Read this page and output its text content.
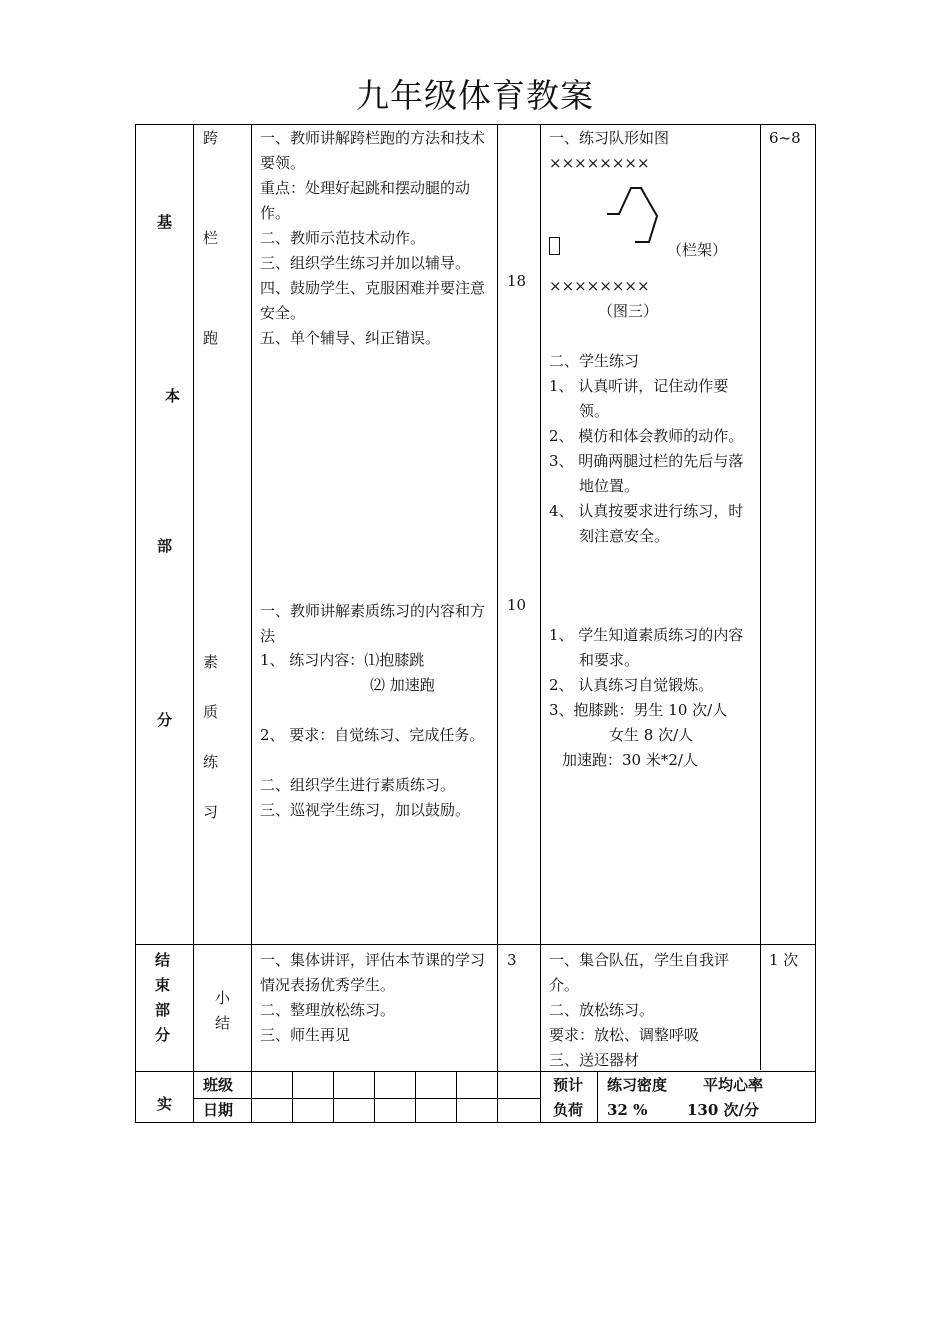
九年级体育教案
基
本
部
分
跨
栏
跑
素
质
练
习
一、教师讲解跨栏跑的方法和技术要领。
重点：处理好起跳和摆动腿的动作。
二、教师示范技术动作。
三、组织学生练习并加以辅导。
四、鼓励学生、克服困难并要注意安全。
五、单个辅导、纠正错误。
一、教师讲解素质练习的内容和方法
1、 练习内容：⑴抱膝跳
⑵ 加速跑
2、 要求：自觉练习、完成任务。
二、组织学生进行素质练习。
三、巡视学生练习，加以鼓励。
18
10
一、练习队形如图
××××××××
（栏架）
××××××××
（图三）
二、学生练习
1、 认真听讲，记住动作要领。
2、 模仿和体会教师的动作。
3、 明确两腿过栏的先后与落地位置。
4、 认真按要求进行练习，时刻注意安全。
1、 学生知道素质练习的内容和要求。
2、 认真练习自觉锻炼。
3、抱膝跳：男生 10 次/人
女生 8 次/人
加速跑：30 米*2/人
6~8
结
束
部
分
小
结
一、集体讲评，评估本节课的学习情况表扬优秀学生。
二、整理放松练习。
三、师生再见
3 一、集合队伍，学生自我评介。
二、放松练习。
要求：放松、调整呼吸
三、送还器材
1 次
实
班级
日期
预计
负荷
练习密度 平均心率
32 %	130 次/分
